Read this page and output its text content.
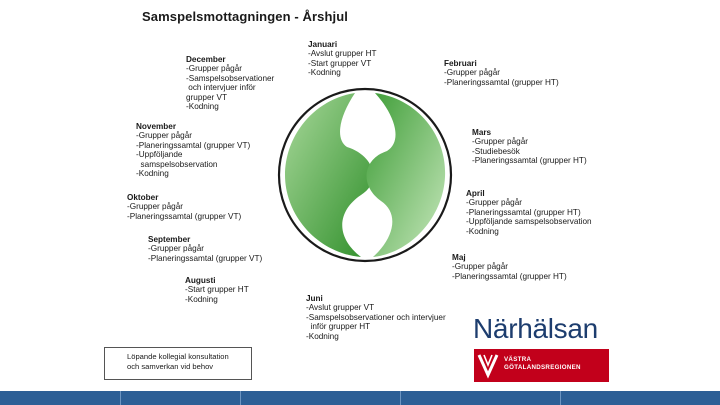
Samspelsmottagningen - Årshjul
Januari
-Avslut grupper HT
-Start grupper VT
-Kodning
Februari
-Grupper pågår
-Planeringssamtal (grupper HT)
Mars
-Grupper pågår
-Studiebesök
-Planeringssamtal (grupper HT)
April
-Grupper pågår
-Planeringssamtal (grupper HT)
-Uppföljande samspelsobservation
-Kodning
Maj
-Grupper pågår
-Planeringssamtal (grupper HT)
Juni
-Avslut grupper VT
-Samspelsobservationer och intervjuer
inför grupper HT
-Kodning
Augusti
-Start grupper HT
-Kodning
September
-Grupper pågår
-Planeringssamtal (grupper VT)
Oktober
-Grupper pågår
-Planeringssamtal (grupper VT)
November
-Grupper pågår
-Planeringssamtal (grupper VT)
-Uppföljande
samspelsobservation
-Kodning
December
-Grupper pågår
-Samspelsobservationer
och intervjuer inför
grupper VT
-Kodning
Löpande kollegial konsultation
och samverkan vid behov
Närhälsan
VÄSTRA
GÖTALANDSREGIONEN
